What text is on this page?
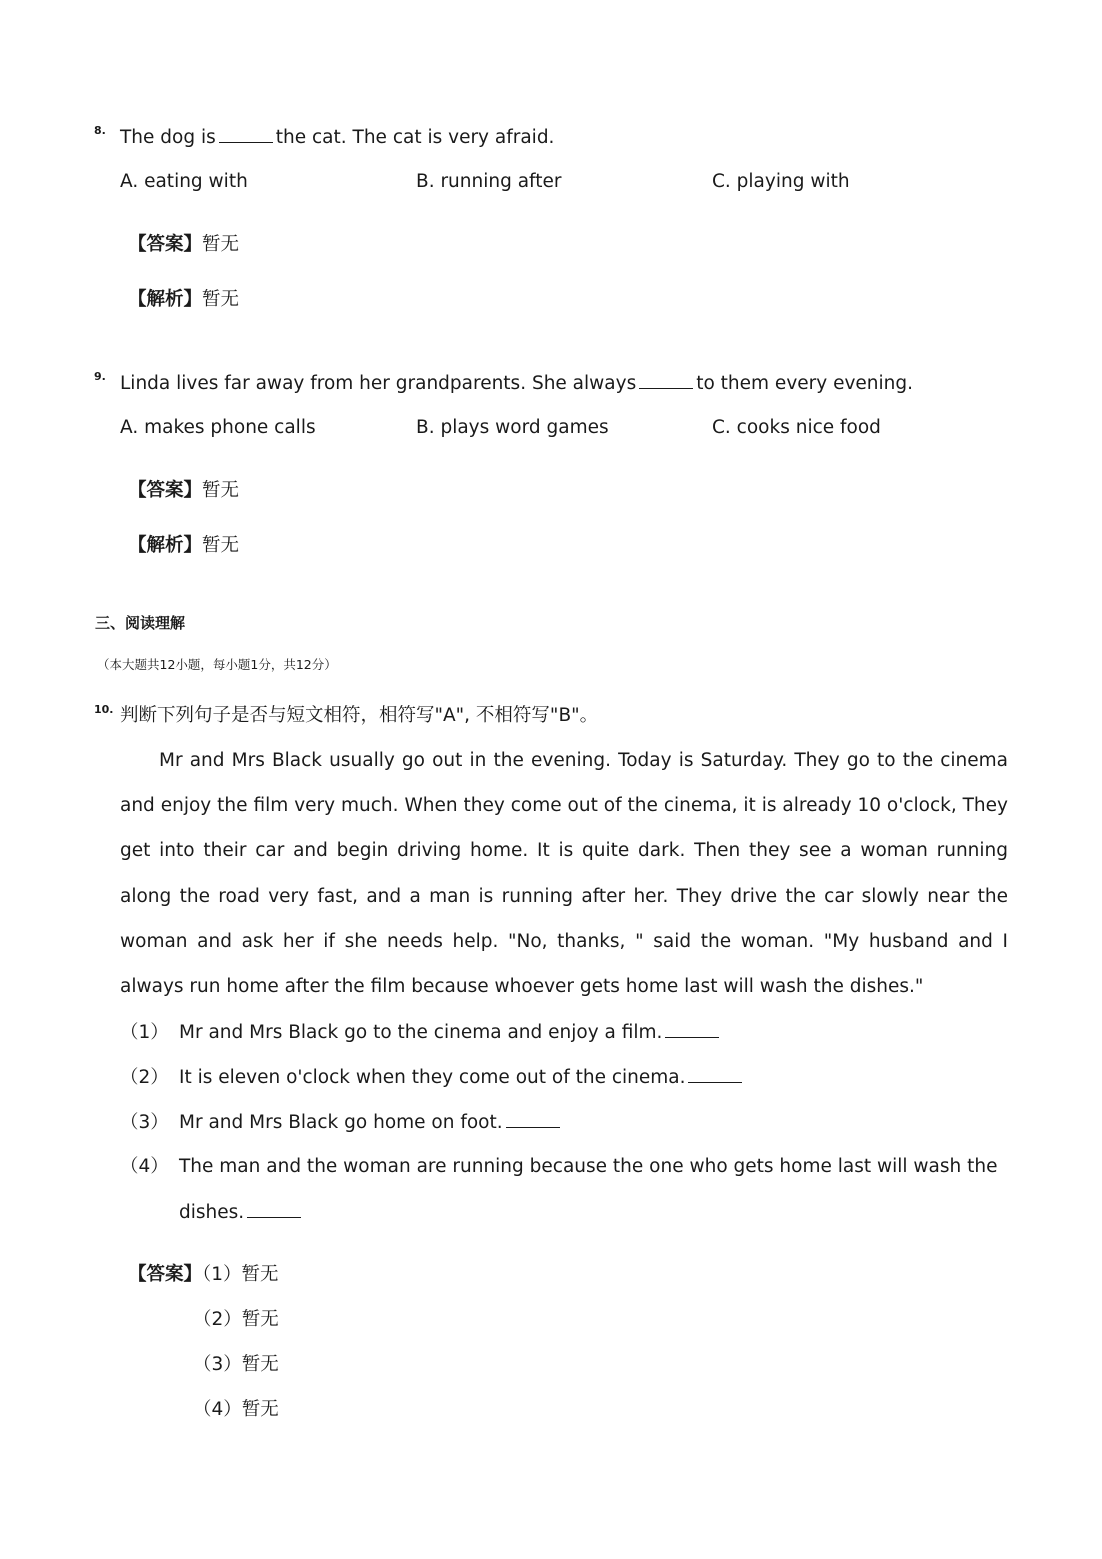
8. The dog is	the cat. The cat is very afraid.
A. eating with	B. running after	C. playing with
【答案】暂无
【解析】暂无
9. Linda lives far away from her grandparents. She always	to them every evening.
A. makes phone calls	B. plays word games	C. cooks nice food
【答案】暂无
【解析】暂无
三、阅读理解
（本大题共12小题，每小题1分，共12分）
10. 判断下列句子是否与短文相符，相符写"A", 不相符写"B"。
Mr and Mrs Black usually go out in the evening. Today is Saturday. They go to the cinema and enjoy the film very much. When they come out of the cinema, it is already 10 o'clock, They get into their car and begin driving home. It is quite dark. Then they see a woman running along the road very fast, and a man is running after her. They drive the car slowly near the woman and ask her if she needs help. "No, thanks, " said the woman. "My husband and I always run home after the film because whoever gets home last will wash the dishes."
（1） Mr and Mrs Black go to the cinema and enjoy a film.
（2） It is eleven o'clock when they come out of the cinema.
（3） Mr and Mrs Black go home on foot.
（4） The man and the woman are running because the one who gets home last will wash the
dishes.
【答案】（1）暂无
（2）暂无
（3）暂无
（4）暂无
